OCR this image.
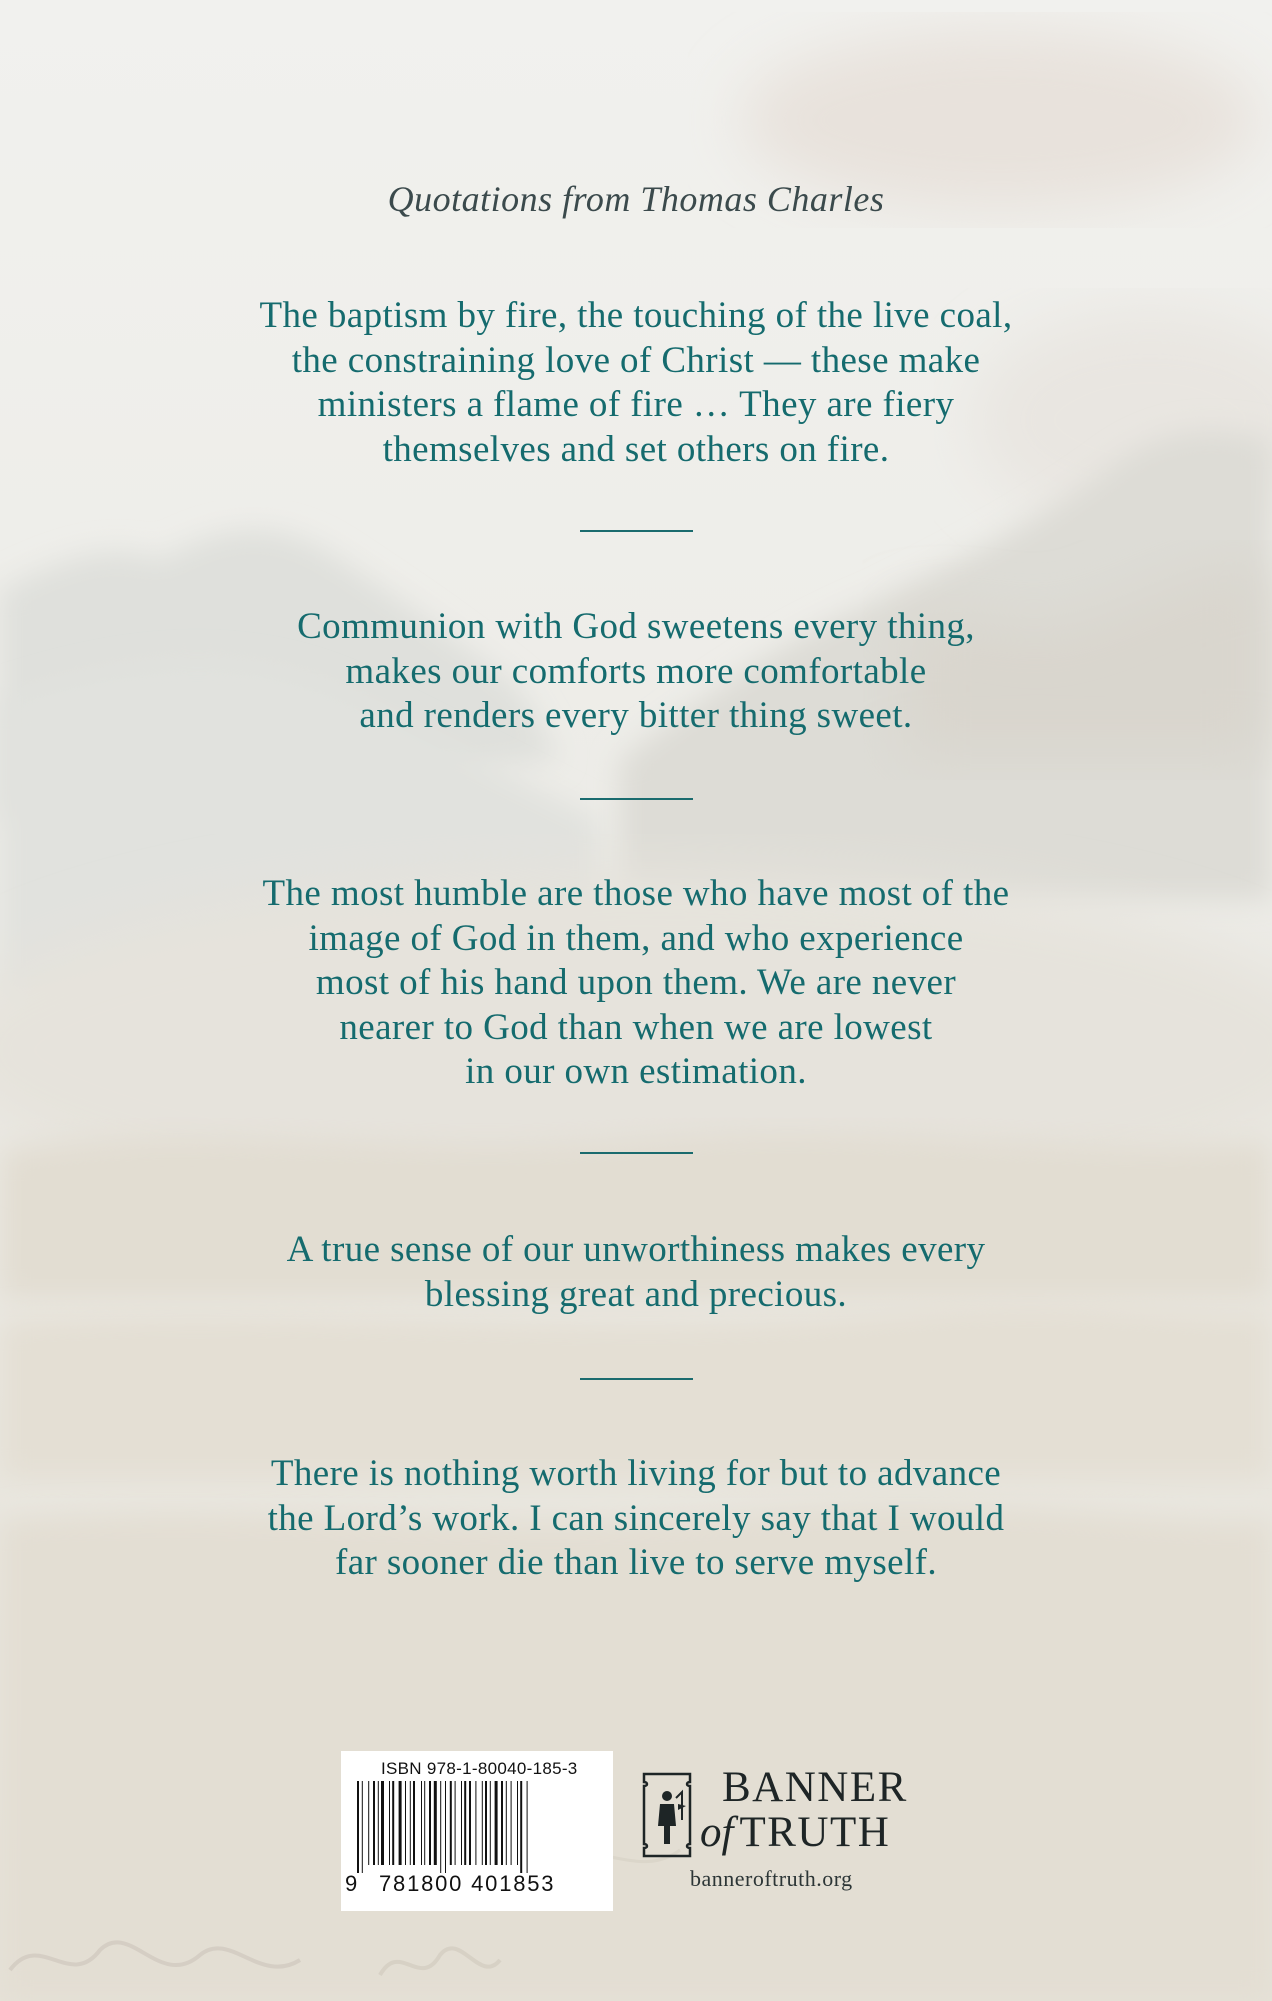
Quotations from Thomas Charles
The baptism by fire, the touching of the live coal,
the constraining love of Christ — these make
ministers a flame of fire … They are fiery
themselves and set others on fire.
Communion with God sweetens every thing,
makes our comforts more comfortable
and renders every bitter thing sweet.
The most humble are those who have most of the
image of God in them, and who experience
most of his hand upon them. We are never
nearer to God than when we are lowest
in our own estimation.
A true sense of our unworthiness makes every
blessing great and precious.
There is nothing worth living for but to advance
the Lord’s work. I can sincerely say that I would
far sooner die than live to serve myself.
ISBN 978-1-80040-185-3
9 781800 401853
BANNER
of TRUTH
banneroftruth.org
